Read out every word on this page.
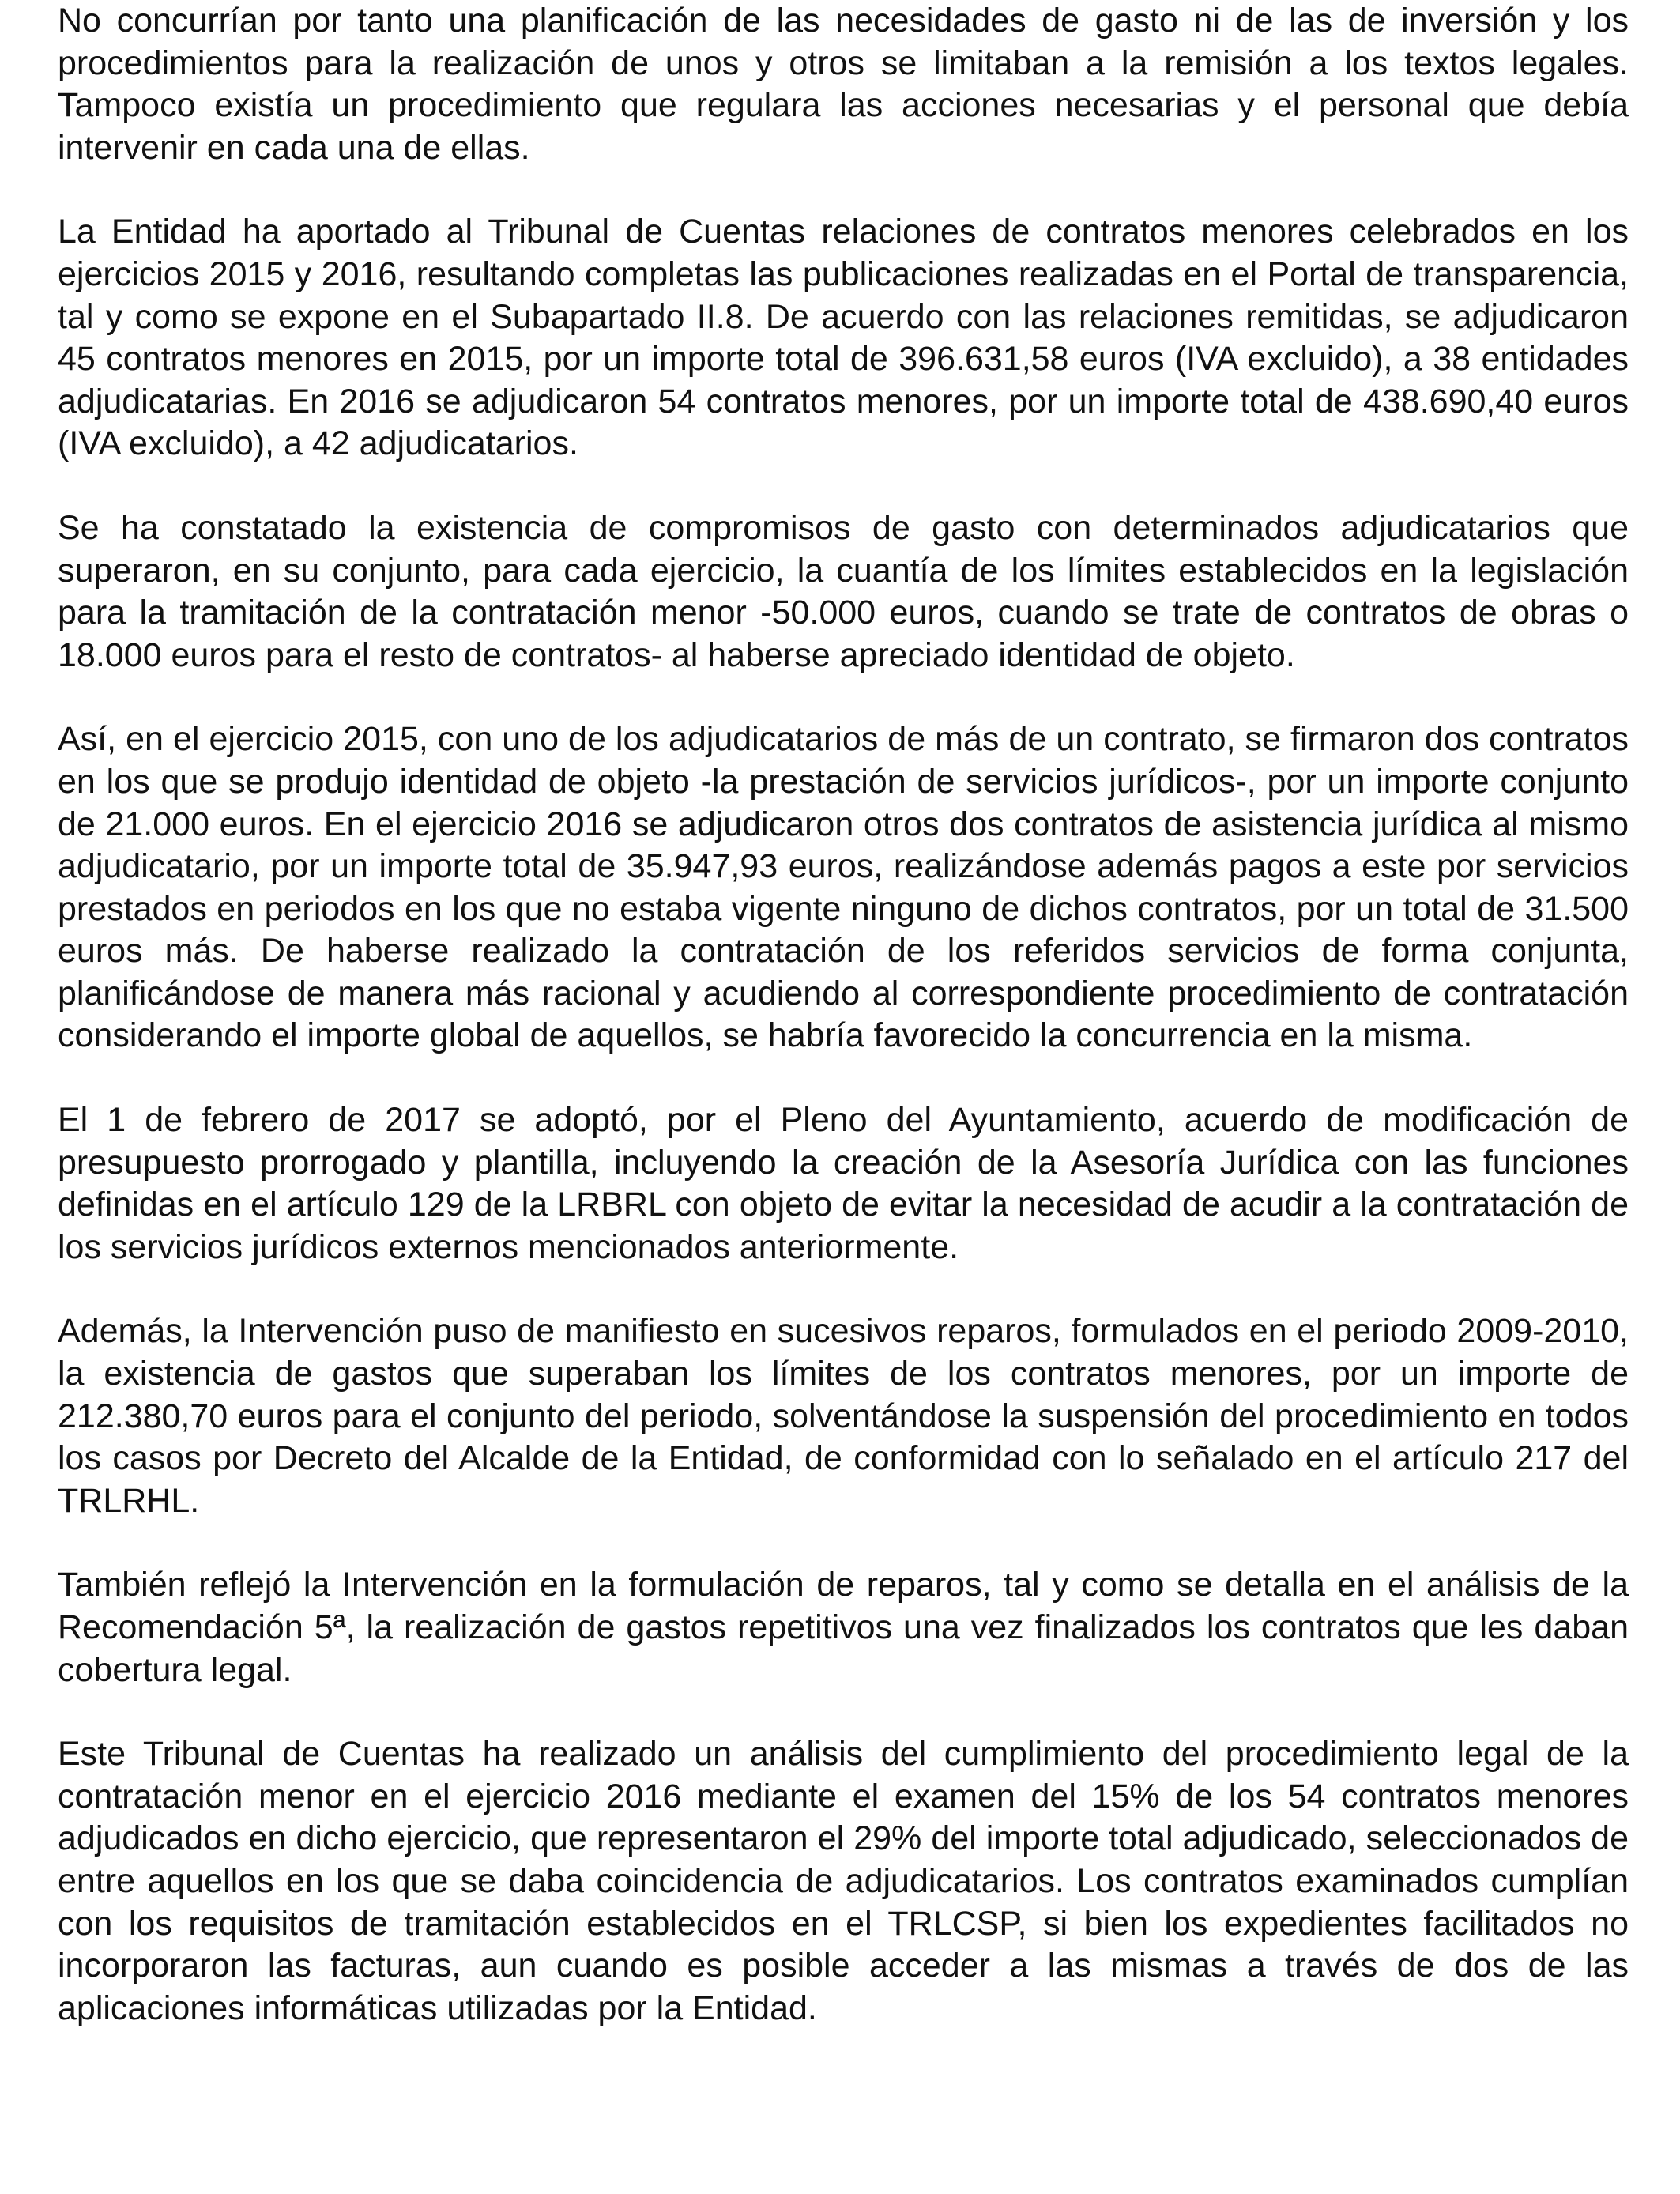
No concurrían por tanto una planificación de las necesidades de gasto ni de las de inversión y los procedimientos para la realización de unos y otros se limitaban a la remisión a los textos legales. Tampoco existía un procedimiento que regulara las acciones necesarias y el personal que debía intervenir en cada una de ellas.

La Entidad ha aportado al Tribunal de Cuentas relaciones de contratos menores celebrados en los ejercicios 2015 y 2016, resultando completas las publicaciones realizadas en el Portal de transparencia, tal y como se expone en el Subapartado II.8. De acuerdo con las relaciones remitidas, se adjudicaron 45 contratos menores en 2015, por un importe total de 396.631,58 euros (IVA excluido), a 38 entidades adjudicatarias. En 2016 se adjudicaron 54 contratos menores, por un importe total de 438.690,40 euros (IVA excluido), a 42 adjudicatarios.

Se ha constatado la existencia de compromisos de gasto con determinados adjudicatarios que superaron, en su conjunto, para cada ejercicio, la cuantía de los límites establecidos en la legislación para la tramitación de la contratación menor -50.000 euros, cuando se trate de contratos de obras o 18.000 euros para el resto de contratos- al haberse apreciado identidad de objeto.

Así, en el ejercicio 2015, con uno de los adjudicatarios de más de un contrato, se firmaron dos contratos en los que se produjo identidad de objeto -la prestación de servicios jurídicos-, por un importe conjunto de 21.000 euros. En el ejercicio 2016 se adjudicaron otros dos contratos de asistencia jurídica al mismo adjudicatario, por un importe total de 35.947,93 euros, realizándose además pagos a este por servicios prestados en periodos en los que no estaba vigente ninguno de dichos contratos, por un total de 31.500 euros más. De haberse realizado la contratación de los referidos servicios de forma conjunta, planificándose de manera más racional y acudiendo al correspondiente procedimiento de contratación considerando el importe global de aquellos, se habría favorecido la concurrencia en la misma.

El 1 de febrero de 2017 se adoptó, por el Pleno del Ayuntamiento, acuerdo de modificación de presupuesto prorrogado y plantilla, incluyendo la creación de la Asesoría Jurídica con las funciones definidas en el artículo 129 de la LRBRL con objeto de evitar la necesidad de acudir a la contratación de los servicios jurídicos externos mencionados anteriormente.

Además, la Intervención puso de manifiesto en sucesivos reparos, formulados en el periodo 2009-2010, la existencia de gastos que superaban los límites de los contratos menores, por un importe de 212.380,70 euros para el conjunto del periodo, solventándose la suspensión del procedimiento en todos los casos por Decreto del Alcalde de la Entidad, de conformidad con lo señalado en el artículo 217 del TRLRHL.

También reflejó la Intervención en la formulación de reparos, tal y como se detalla en el análisis de la Recomendación 5ª, la realización de gastos repetitivos una vez finalizados los contratos que les daban cobertura legal.

Este Tribunal de Cuentas ha realizado un análisis del cumplimiento del procedimiento legal de la contratación menor en el ejercicio 2016 mediante el examen del 15% de los 54 contratos menores adjudicados en dicho ejercicio, que representaron el 29% del importe total adjudicado, seleccionados de entre aquellos en los que se daba coincidencia de adjudicatarios. Los contratos examinados cumplían con los requisitos de tramitación establecidos en el TRLCSP, si bien los expedientes facilitados no incorporaron las facturas, aun cuando es posible acceder a las mismas a través de dos de las aplicaciones informáticas utilizadas por la Entidad.
